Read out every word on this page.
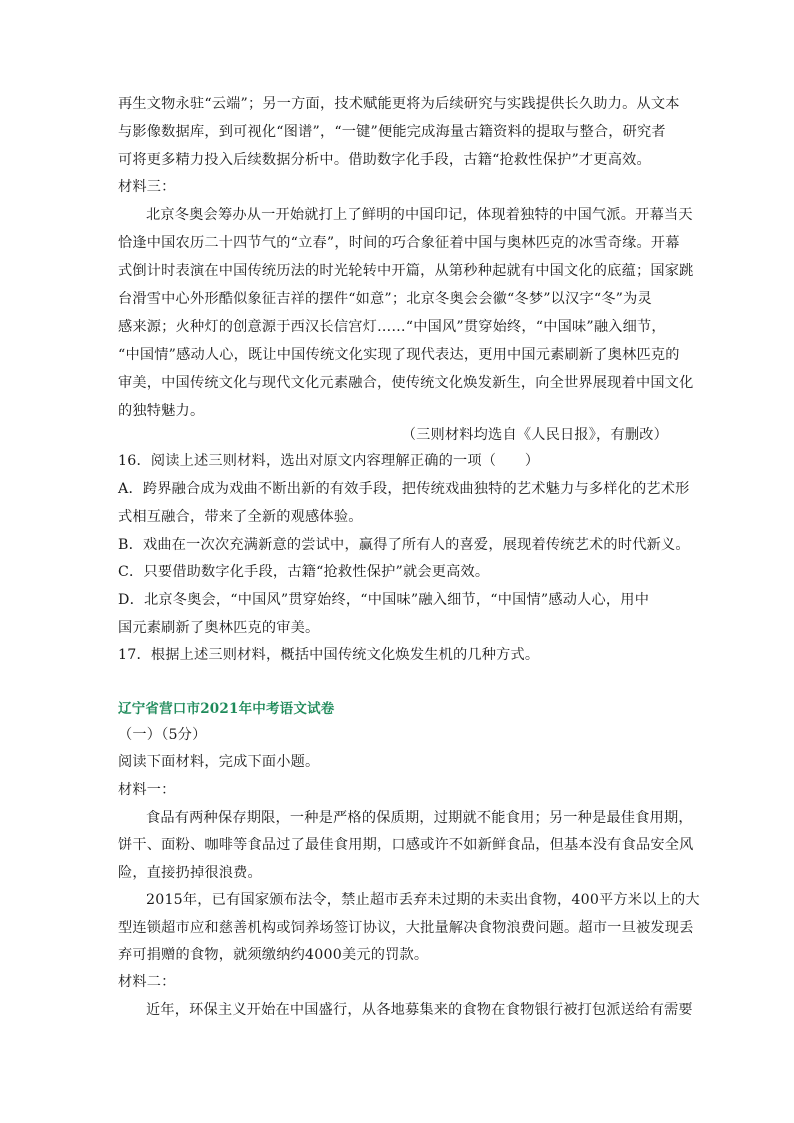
再生文物永驻“云端”；另一方面，技术赋能更将为后续研究与实践提供长久助力。从文本
与影像数据库，到可视化“图谱”，“一键”便能完成海量古籍资料的提取与整合，研究者
可将更多精力投入后续数据分析中。借助数字化手段，古籍“抢救性保护”才更高效。
材料三：
北京冬奥会筹办从一开始就打上了鲜明的中国印记，体现着独特的中国气派。开幕当天
恰逢中国农历二十四节气的“立春”，时间的巧合象征着中国与奥林匹克的冰雪奇缘。开幕
式倒计时表演在中国传统历法的时光轮转中开篇，从第秒种起就有中国文化的底蕴；国家跳
台滑雪中心外形酷似象征吉祥的摆件“如意”；北京冬奥会会徽“冬梦”以汉字“冬”为灵
感来源；火种灯的创意源于西汉长信宫灯……“中国风”贯穿始终，“中国味”融入细节，
“中国情”感动人心，既让中国传统文化实现了现代表达，更用中国元素刷新了奥林匹克的
审美，中国传统文化与现代文化元素融合，使传统文化焕发新生，向全世界展现着中国文化
的独特魅力。
（三则材料均选自《人民日报》，有删改）
16．阅读上述三则材料，选出对原文内容理解正确的一项（　　）
A．跨界融合成为戏曲不断出新的有效手段，把传统戏曲独特的艺术魅力与多样化的艺术形
式相互融合，带来了全新的观感体验。
B．戏曲在一次次充满新意的尝试中，赢得了所有人的喜爱，展现着传统艺术的时代新义。
C．只要借助数字化手段，古籍“抢救性保护”就会更高效。
D．北京冬奥会，“中国风”贯穿始终，“中国味”融入细节，“中国情”感动人心，用中
国元素刷新了奥林匹克的审美。
17．根据上述三则材料，概括中国传统文化焕发生机的几种方式。
辽宁省营口市2021年中考语文试卷
（一）（5分）
阅读下面材料，完成下面小题。
材料一：
食品有两种保存期限，一种是严格的保质期，过期就不能食用；另一种是最佳食用期，
饼干、面粉、咖啡等食品过了最佳食用期，口感或许不如新鲜食品，但基本没有食品安全风
险，直接扔掉很浪费。
2015年，已有国家颁布法令，禁止超市丢弃未过期的未卖出食物，400平方米以上的大
型连锁超市应和慈善机构或饲养场签订协议，大批量解决食物浪费问题。超市一旦被发现丢
弃可捐赠的食物，就须缴纳约4000美元的罚款。
材料二：
近年，环保主义开始在中国盛行，从各地募集来的食物在食物银行被打包派送给有需要
